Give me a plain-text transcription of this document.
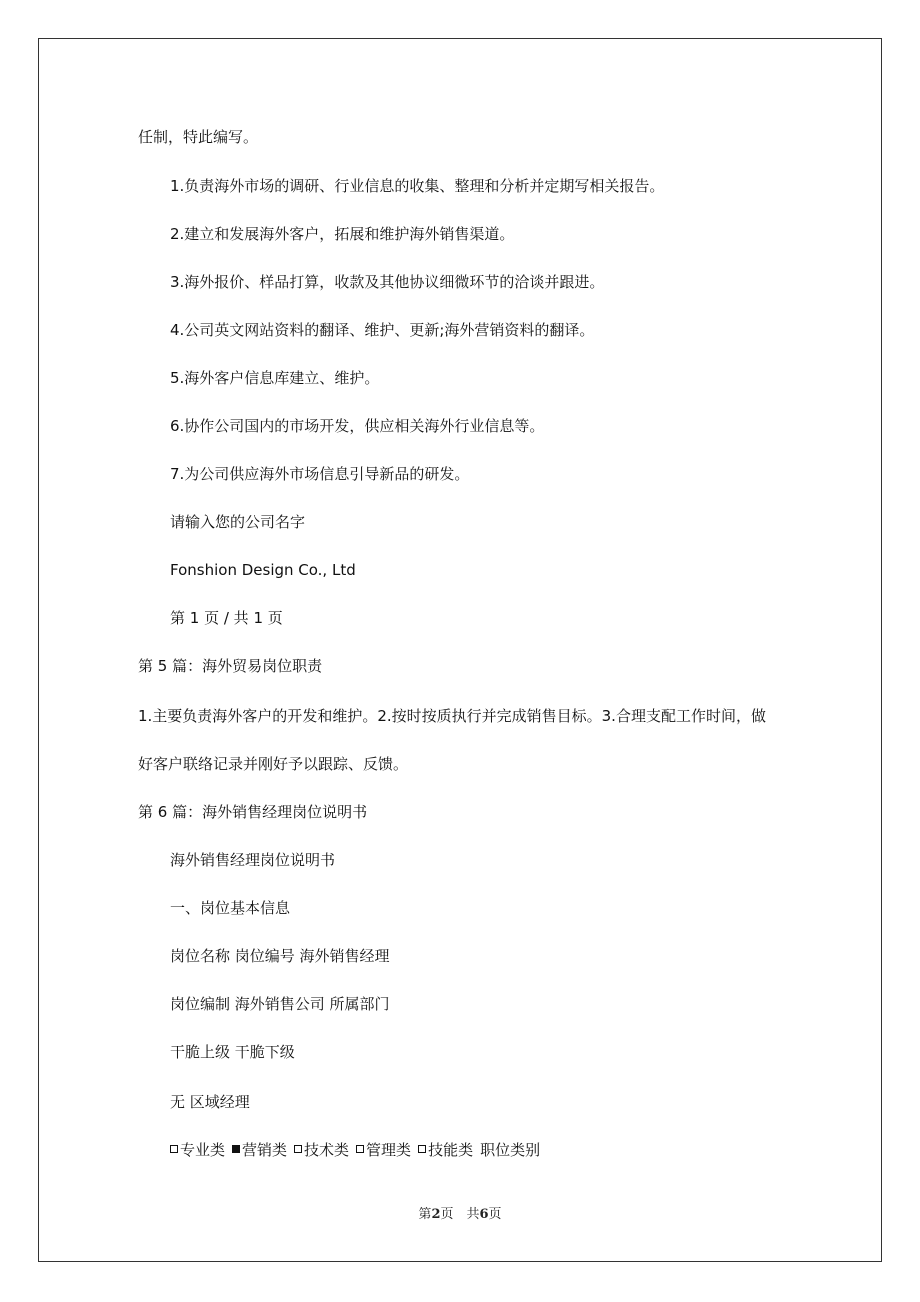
任制，特此编写。
1.负责海外市场的调研、行业信息的收集、整理和分析并定期写相关报告。
2.建立和发展海外客户，拓展和维护海外销售渠道。
3.海外报价、样品打算，收款及其他协议细微环节的洽谈并跟进。
4.公司英文网站资料的翻译、维护、更新;海外营销资料的翻译。
5.海外客户信息库建立、维护。
6.协作公司国内的市场开发，供应相关海外行业信息等。
7.为公司供应海外市场信息引导新品的研发。
请输入您的公司名字
Fonshion Design Co., Ltd
第 1 页 / 共 1 页
第 5 篇：海外贸易岗位职责
1.主要负责海外客户的开发和维护。2.按时按质执行并完成销售目标。3.合理支配工作时间，做
好客户联络记录并刚好予以跟踪、反馈。
第 6 篇：海外销售经理岗位说明书
海外销售经理岗位说明书
一、岗位基本信息
岗位名称 岗位编号 海外销售经理
岗位编制 海外销售公司 所属部门
干脆上级 干脆下级
无 区域经理
专业类 营销类 技术类 管理类 技能类 职位类别
第2页　共6页
